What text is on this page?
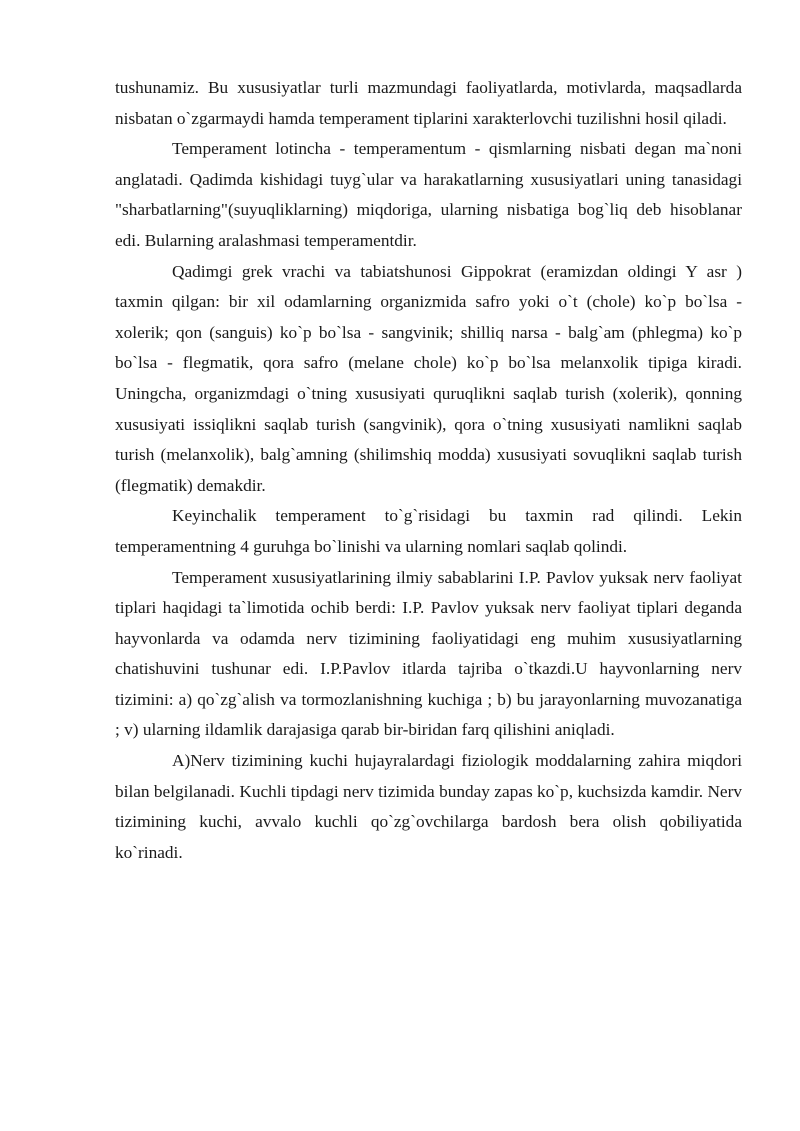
tushunamiz. Bu xususiyatlar turli mazmundagi faoliyatlarda, motivlarda, maqsadlarda nisbatan o`zgarmaydi hamda temperament tiplarini xarakterlovchi tuzilishni hosil qiladi.

Temperament lotincha - temperamentum - qismlarning nisbati degan ma`noni anglatadi. Qadimda kishidagi tuyg`ular va harakatlarning xususiyatlari uning tanasidagi "sharbatlarning"(suyuqliklarning) miqdoriga, ularning nisbatiga bog`liq deb hisoblanar edi. Bularning aralashmasi temperamentdir.

Qadimgi grek vrachi va tabiatshunosi Gippokrat (eramizdan oldingi Y asr ) taxmin qilgan: bir xil odamlarning organizmida safro yoki o`t (chole) ko`p bo`lsa - xolerik; qon (sanguis) ko`p bo`lsa - sangvinik; shilliq narsa - balg`am (phlegma) ko`p bo`lsa - flegmatik, qora safro (melane chole) ko`p bo`lsa melanxolik tipiga kiradi. Uningcha, organizmdagi o`tning xususiyati quruqlikni saqlab turish (xolerik), qonning xususiyati issiqlikni saqlab turish (sangvinik), qora o`tning xususiyati namlikni saqlab turish (melanxolik), balg`amning (shilimshiq modda) xususiyati sovuqlikni saqlab turish (flegmatik) demakdir.

Keyinchalik temperament to`g`risidagi bu taxmin rad qilindi. Lekin temperamentning 4 guruhga bo`linishi va ularning nomlari saqlab qolindi.

Temperament xususiyatlarining ilmiy sabablarini I.P. Pavlov yuksak nerv faoliyat tiplari haqidagi ta`limotida ochib berdi: I.P. Pavlov yuksak nerv faoliyat tiplari deganda hayvonlarda va odamda nerv tizimining faoliyatidagi eng muhim xususiyatlarning chatishuvini tushunar edi. I.P.Pavlov itlarda tajriba o`tkazdi.U hayvonlarning nerv tizimini: a) qo`zg`alish va tormozlanishning kuchiga ; b) bu jarayonlarning muvozanatiga ; v) ularning ildamlik darajasiga qarab bir-biridan farq qilishini aniqladi.

A)Nerv tizimining kuchi hujayralardagi fiziologik moddalarning zahira miqdori bilan belgilanadi. Kuchli tipdagi nerv tizimida bunday zapas ko`p, kuchsizda kamdir. Nerv tizimining kuchi, avvalo kuchli qo`zg`ovchilarga bardosh bera olish qobiliyatida ko`rinadi.
